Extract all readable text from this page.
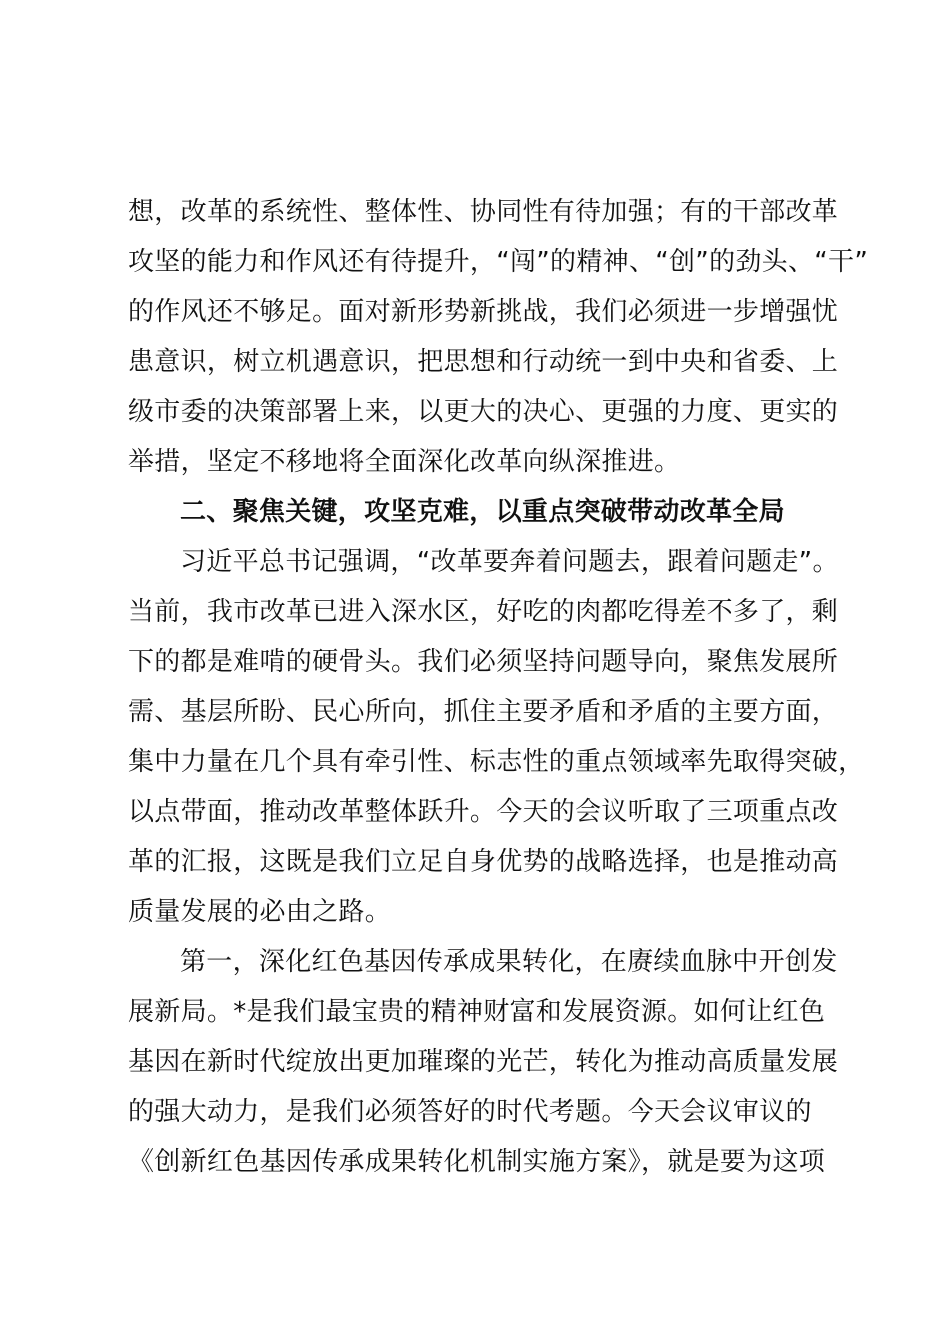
想，改革的系统性、整体性、协同性有待加强；有的干部改革
攻坚的能力和作风还有待提升，“闯”的精神、“创”的劲头、“干”
的作风还不够足。面对新形势新挑战，我们必须进一步增强忧
患意识，树立机遇意识，把思想和行动统一到中央和省委、上
级市委的决策部署上来，以更大的决心、更强的力度、更实的
举措，坚定不移地将全面深化改革向纵深推进。
二、聚焦关键，攻坚克难，以重点突破带动改革全局
习近平总书记强调，“改革要奔着问题去，跟着问题走”。
当前，我市改革已进入深水区，好吃的肉都吃得差不多了，剩
下的都是难啃的硬骨头。我们必须坚持问题导向，聚焦发展所
需、基层所盼、民心所向，抓住主要矛盾和矛盾的主要方面，
集中力量在几个具有牵引性、标志性的重点领域率先取得突破，
以点带面，推动改革整体跃升。今天的会议听取了三项重点改
革的汇报，这既是我们立足自身优势的战略选择，也是推动高
质量发展的必由之路。
第一，深化红色基因传承成果转化，在赓续血脉中开创发
展新局。*是我们最宝贵的精神财富和发展资源。如何让红色
基因在新时代绽放出更加璀璨的光芒，转化为推动高质量发展
的强大动力，是我们必须答好的时代考题。今天会议审议的
《创新红色基因传承成果转化机制实施方案》，就是要为这项
